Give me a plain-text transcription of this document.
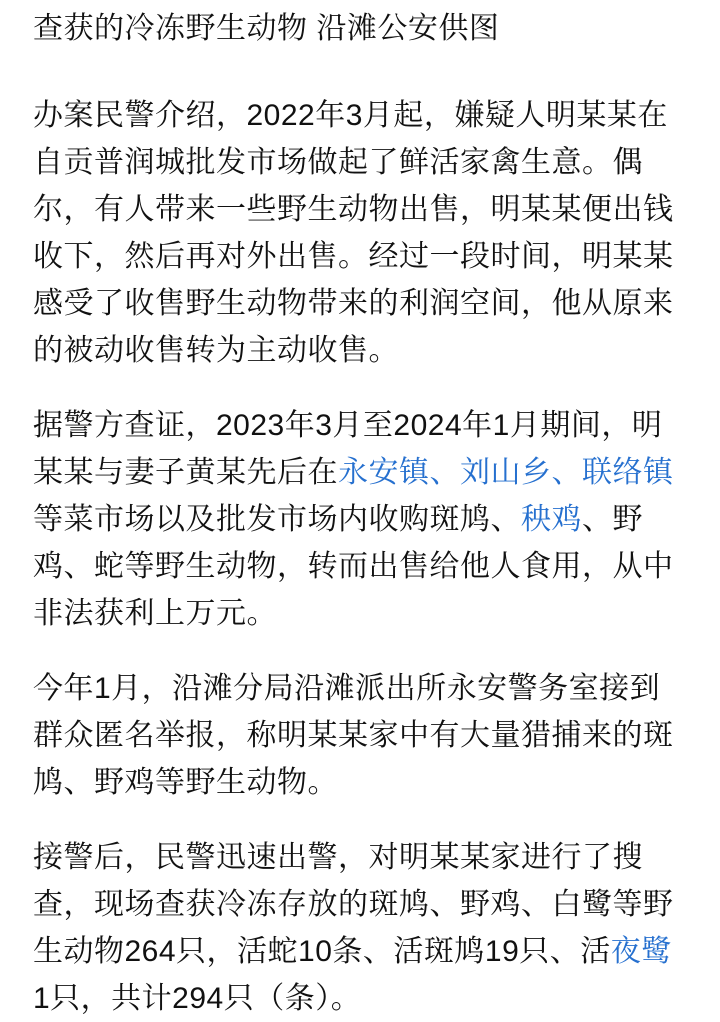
查获的冷冻野生动物 沿滩公安供图

办案民警介绍，2022年3月起，嫌疑人明某某在自贡普润城批发市场做起了鲜活家禽生意。偶尔，有人带来一些野生动物出售，明某某便出钱收下，然后再对外出售。经过一段时间，明某某感受了收售野生动物带来的利润空间，他从原来的被动收售转为主动收售。

据警方查证，2023年3月至2024年1月期间，明某某与妻子黄某先后在永安镇、刘山乡、联络镇等菜市场以及批发市场内收购斑鸠、秧鸡、野鸡、蛇等野生动物，转而出售给他人食用，从中非法获利上万元。

今年1月，沿滩分局沿滩派出所永安警务室接到群众匿名举报，称明某某家中有大量猎捕来的斑鸠、野鸡等野生动物。

接警后，民警迅速出警，对明某某家进行了搜查，现场查获冷冻存放的斑鸠、野鸡、白鹭等野生动物264只，活蛇10条、活斑鸠19只、活夜鹭1只，共计294只（条）。
